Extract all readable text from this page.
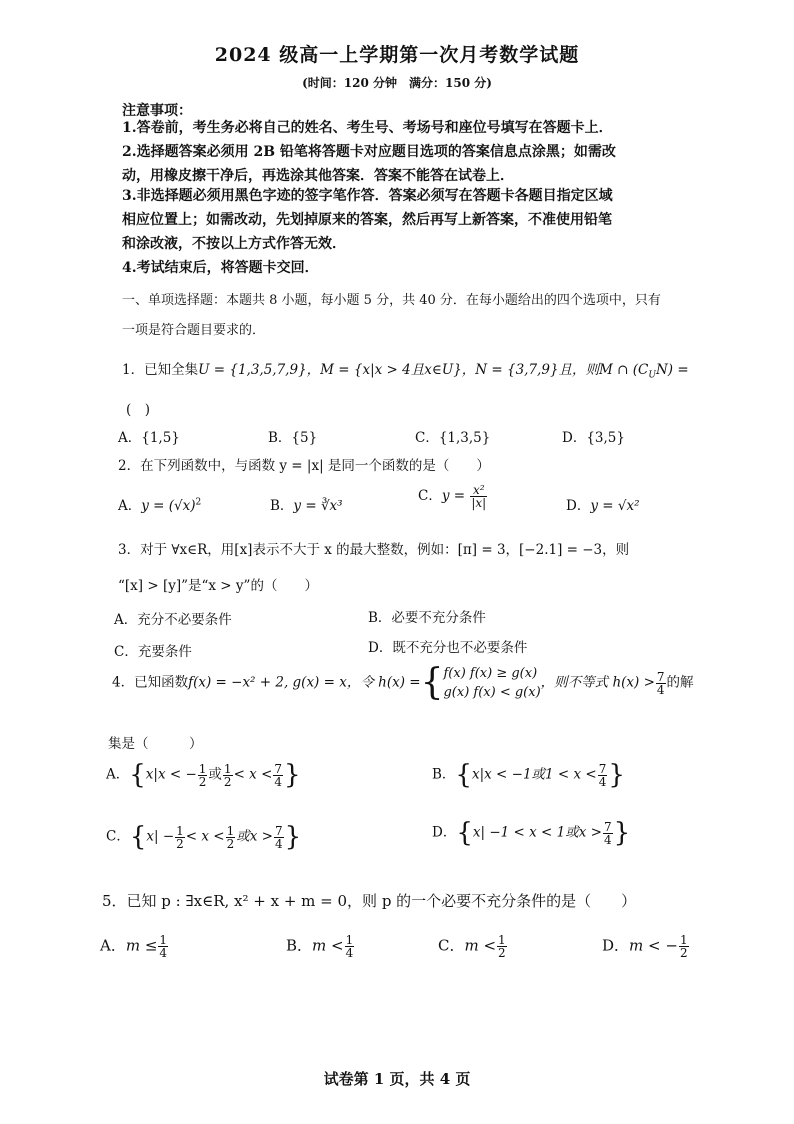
2024 级高一上学期第一次月考数学试题
(时间：120 分钟　满分：150 分)
注意事项：
1.答卷前，考生务必将自己的姓名、考生号、考场号和座位号填写在答题卡上．
2.选择题答案必须用 2B 铅笔将答题卡对应题目选项的答案信息点涂黑；如需改
动，用橡皮擦干净后，再选涂其他答案．答案不能答在试卷上．
3.非选择题必须用黑色字迹的签字笔作答．答案必须写在答题卡各题目指定区域
相应位置上；如需改动，先划掉原来的答案，然后再写上新答案，不准使用铅笔
和涂改液，不按以上方式作答无效．
4.考试结束后，将答题卡交回．
一、单项选择题：本题共 8 小题，每小题 5 分，共 40 分．在每小题给出的四个选项中，只有
一项是符合题目要求的．
1．已知全集U = {1,3,5,7,9}，M = {x|x > 4且x∈U}，N = {3,7,9}且，则M ∩ $(C_UN)$ =
(　)
A．{1,5}	B．{5}	C．{1,3,5}	D．{3,5}
2．在下列函数中，与函数 y = |x| 是同一个函数的是（　　）
A．$y = (√x)^2$	B．y = ∛x³
C．$y = \frac{\text{x²}}{|x|}$	D．y = √x²
3．对于 ∀x∈R，用[x]表示不大于 x 的最大整数，例如：[π] = 3，[−2.1] = −3，则
“[x] > [y]”是“x > y”的（　　）
A．充分不必要条件	B．必要不充分条件
C．充要条件	D．既不充分也不必要条件
4．已知函数f(x) = −x² + 2, g(x) = x，令 h(x) ={ f(x) f(x) ≥ g(x)
g(x) f(x) < g(x)
，则不等式 $h(x) > \frac{7}{4}$ 的解
集是（　　　）
A．{x|x < − $\frac{1}{2}$ 或 $\frac{1}{2} < x < \frac{7}{4}$ }	B．{x|x < −1或$1 < x < \frac{7}{4}$ }
C．{$x| - \frac{1}{2} < x < \frac{1}{2}$ 或$x > \frac{7}{4}$ }	D．{x| −1 < x < 1或$x > \frac{7}{4}$ }
5．已知 p : ∃x∈R, x² + x + m = 0，则 p 的一个必要不充分条件的是（　　）
A．$m \le \frac{1}{4}$	B．$m < \frac{1}{4}$	C．$m < \frac{1}{2}$	D．m < − $\frac{1}{2}$
试卷第 1 页，共 4 页
